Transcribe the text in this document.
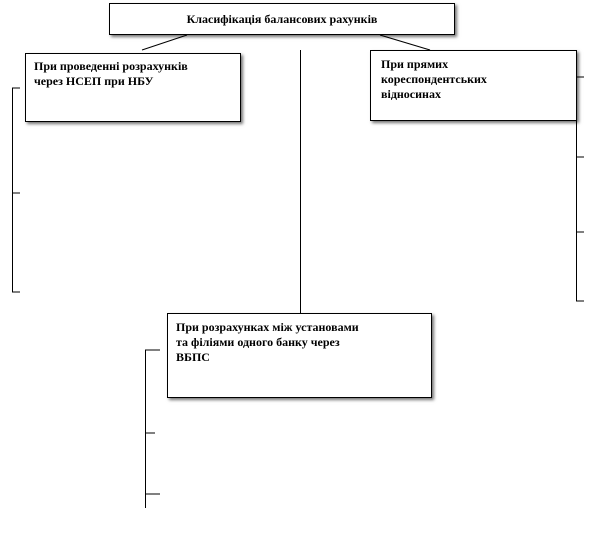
Класифікація балансових рахунків
При проведенні розрахунків
через НСЕП при НБУ
При прямих
кореспондентських
відносинах
При розрахунках між установами
та філіями одного банку через
ВБПС
